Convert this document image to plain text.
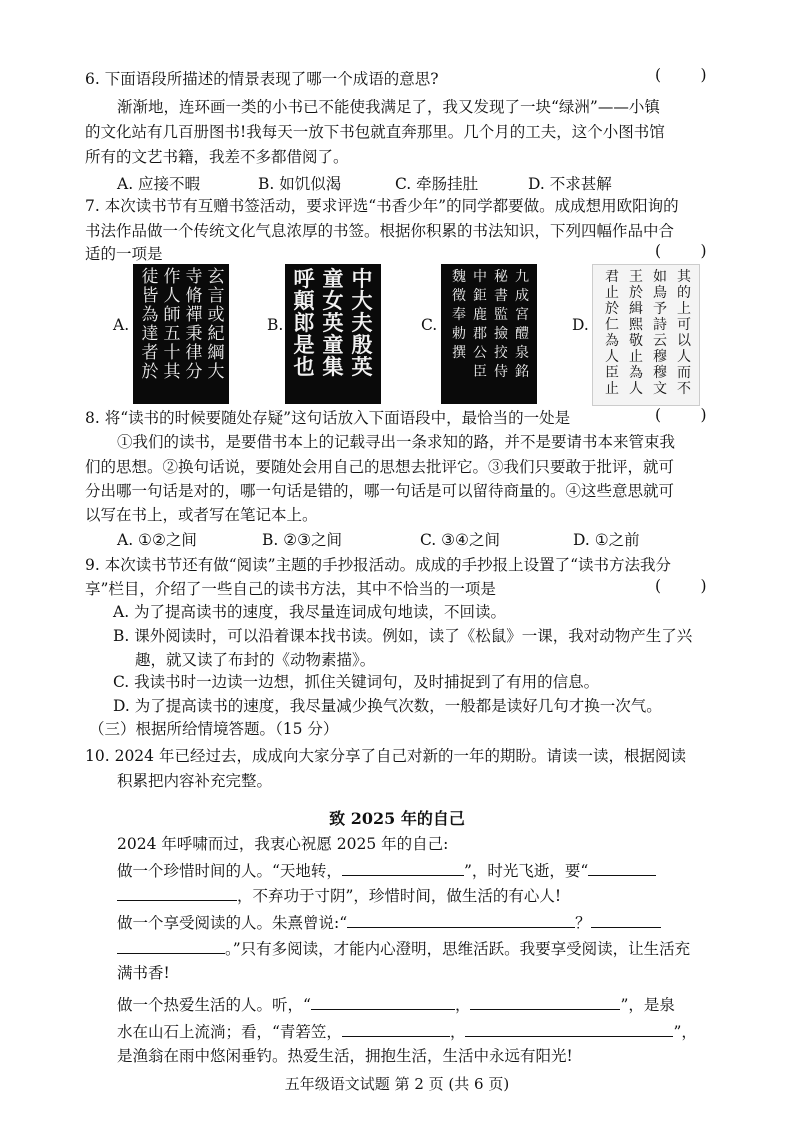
6. 下面语段所描述的情景表现了哪一个成语的意思?	(        )
渐渐地，连环画一类的小书已不能使我满足了，我又发现了一块“绿洲”——小镇
的文化站有几百册图书!我每天一放下书包就直奔那里。几个月的工夫，这个小图书馆
所有的文艺书籍，我差不多都借阅了。
A. 应接不暇	B. 如饥似渴	C. 牵肠挂肚	D. 不求甚解
7. 本次读书节有互赠书签活动，要求评选“书香少年”的同学都要做。成成想用欧阳询的
书法作品做一个传统文化气息浓厚的书签。根据你积累的书法知识，下列四幅作品中合
适的一项是	(        )
A.
玄言或紀綱大
寺脩禪秉律分
作人師五十其
徒皆為達者於
B.
中大夫殷英
童女英童集
呼顛郎是也
C.
九成宮醴泉銘
秘書監撿挍侍
中鉅鹿郡公臣
魏徵奉勅撰
D.
其的上可以人而不
如鳥予詩云穆穆文
王於緝熙敬止為人
君止於仁為人臣止
8. 将“读书的时候要随处存疑”这句话放入下面语段中，最恰当的一处是	(        )
①我们的读书，是要借书本上的记载寻出一条求知的路，并不是要请书本来管束我
们的思想。②换句话说，要随处会用自己的思想去批评它。③我们只要敢于批评，就可
分出哪一句话是对的，哪一句话是错的，哪一句话是可以留待商量的。④这些意思就可
以写在书上，或者写在笔记本上。
A. ①②之间	B. ②③之间	C. ③④之间	D. ①之前
9. 本次读书节还有做“阅读”主题的手抄报活动。成成的手抄报上设置了“读书方法我分
享”栏目，介绍了一些自己的读书方法，其中不恰当的一项是	(        )
A. 为了提高读书的速度，我尽量连词成句地读，不回读。
B. 课外阅读时，可以沿着课本找书读。例如，读了《松鼠》一课，我对动物产生了兴
趣，就又读了布封的《动物素描》。
C. 我读书时一边读一边想，抓住关键词句，及时捕捉到了有用的信息。
D. 为了提高读书的速度，我尽量减少换气次数，一般都是读好几句才换一次气。
（三）根据所给情境答题。（15 分）
10. 2024 年已经过去，成成向大家分享了自己对新的一年的期盼。请读一读，根据阅读
积累把内容补充完整。
致 2025 年的自己
2024 年呼啸而过，我衷心祝愿 2025 年的自己:
做一个珍惜时间的人。“天地转，	”，时光飞逝，要“
，不弃功于寸阴”，珍惜时间，做生活的有心人!
做一个享受阅读的人。朱熹曾说:“	？
。”只有多阅读，才能内心澄明，思维活跃。我要享受阅读，让生活充
满书香!
做一个热爱生活的人。听，“	，	”，是泉
水在山石上流淌；看，“青箬笠，	，	”，
是渔翁在雨中悠闲垂钓。热爱生活，拥抱生活，生活中永远有阳光!
五年级语文试题 第 2 页 (共 6 页)
